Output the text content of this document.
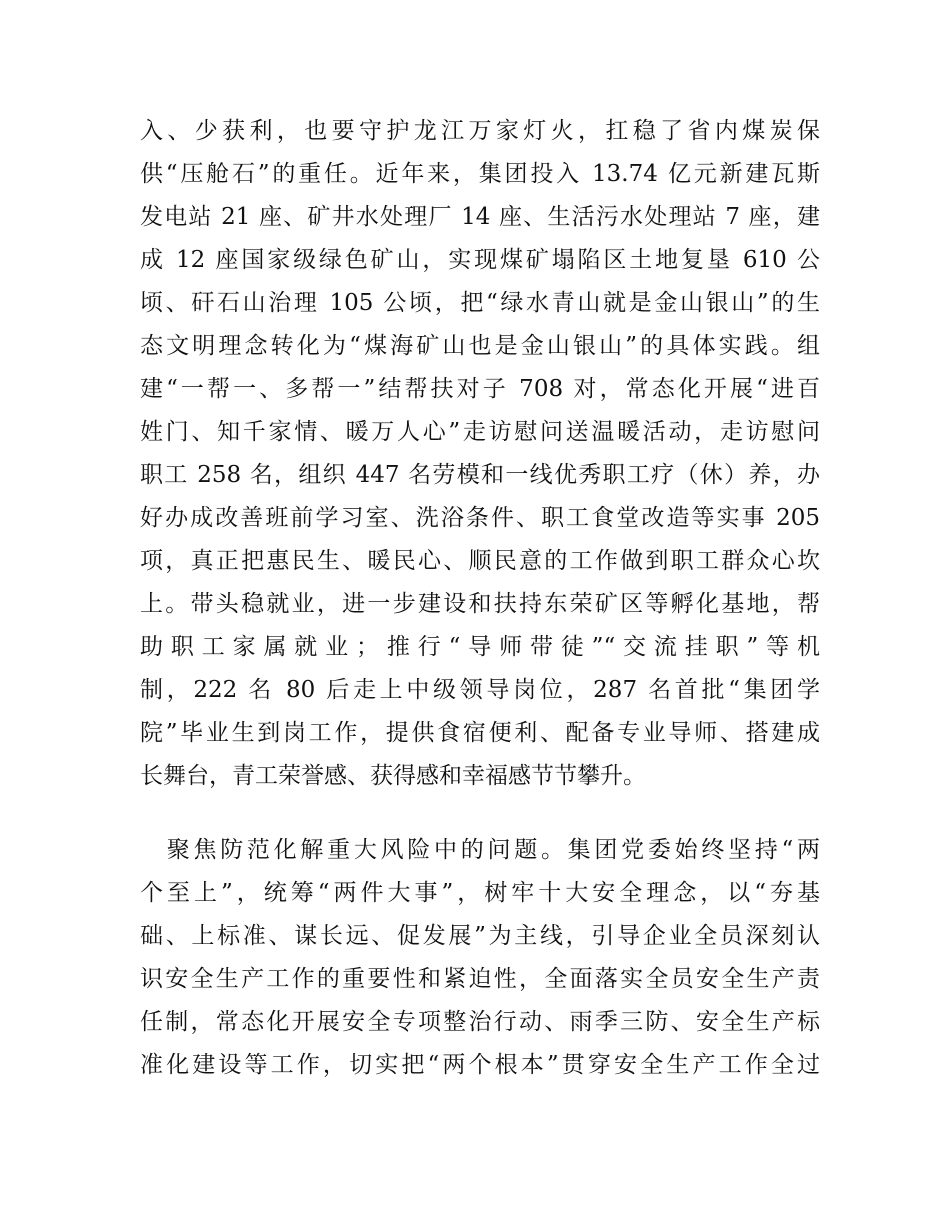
入、少获利，也要守护龙江万家灯火，扛稳了省内煤炭保
供“压舱石”的重任。近年来，集团投入 13.74 亿元新建瓦斯
发电站 21 座、矿井水处理厂 14 座、生活污水处理站 7 座，建
成 12 座国家级绿色矿山，实现煤矿塌陷区土地复垦 610 公
顷、矸石山治理 105 公顷，把“绿水青山就是金山银山”的生
态文明理念转化为“煤海矿山也是金山银山”的具体实践。组
建“一帮一、多帮一”结帮扶对子 708 对，常态化开展“进百
姓门、知千家情、暖万人心”走访慰问送温暖活动，走访慰问
职工 258 名，组织 447 名劳模和一线优秀职工疗（休）养，办
好办成改善班前学习室、洗浴条件、职工食堂改造等实事 205
项，真正把惠民生、暖民心、顺民意的工作做到职工群众心坎
上。带头稳就业，进一步建设和扶持东荣矿区等孵化基地，帮
助职工家属就业；推行“导师带徒”“交流挂职”等机
制，222 名 80 后走上中级领导岗位，287 名首批“集团学
院”毕业生到岗工作，提供食宿便利、配备专业导师、搭建成
长舞台，青工荣誉感、获得感和幸福感节节攀升。
　聚焦防范化解重大风险中的问题。集团党委始终坚持“两
个至上”，统筹“两件大事”，树牢十大安全理念，以“夯基
础、上标准、谋长远、促发展”为主线，引导企业全员深刻认
识安全生产工作的重要性和紧迫性，全面落实全员安全生产责
任制，常态化开展安全专项整治行动、雨季三防、安全生产标
准化建设等工作，切实把“两个根本”贯穿安全生产工作全过
